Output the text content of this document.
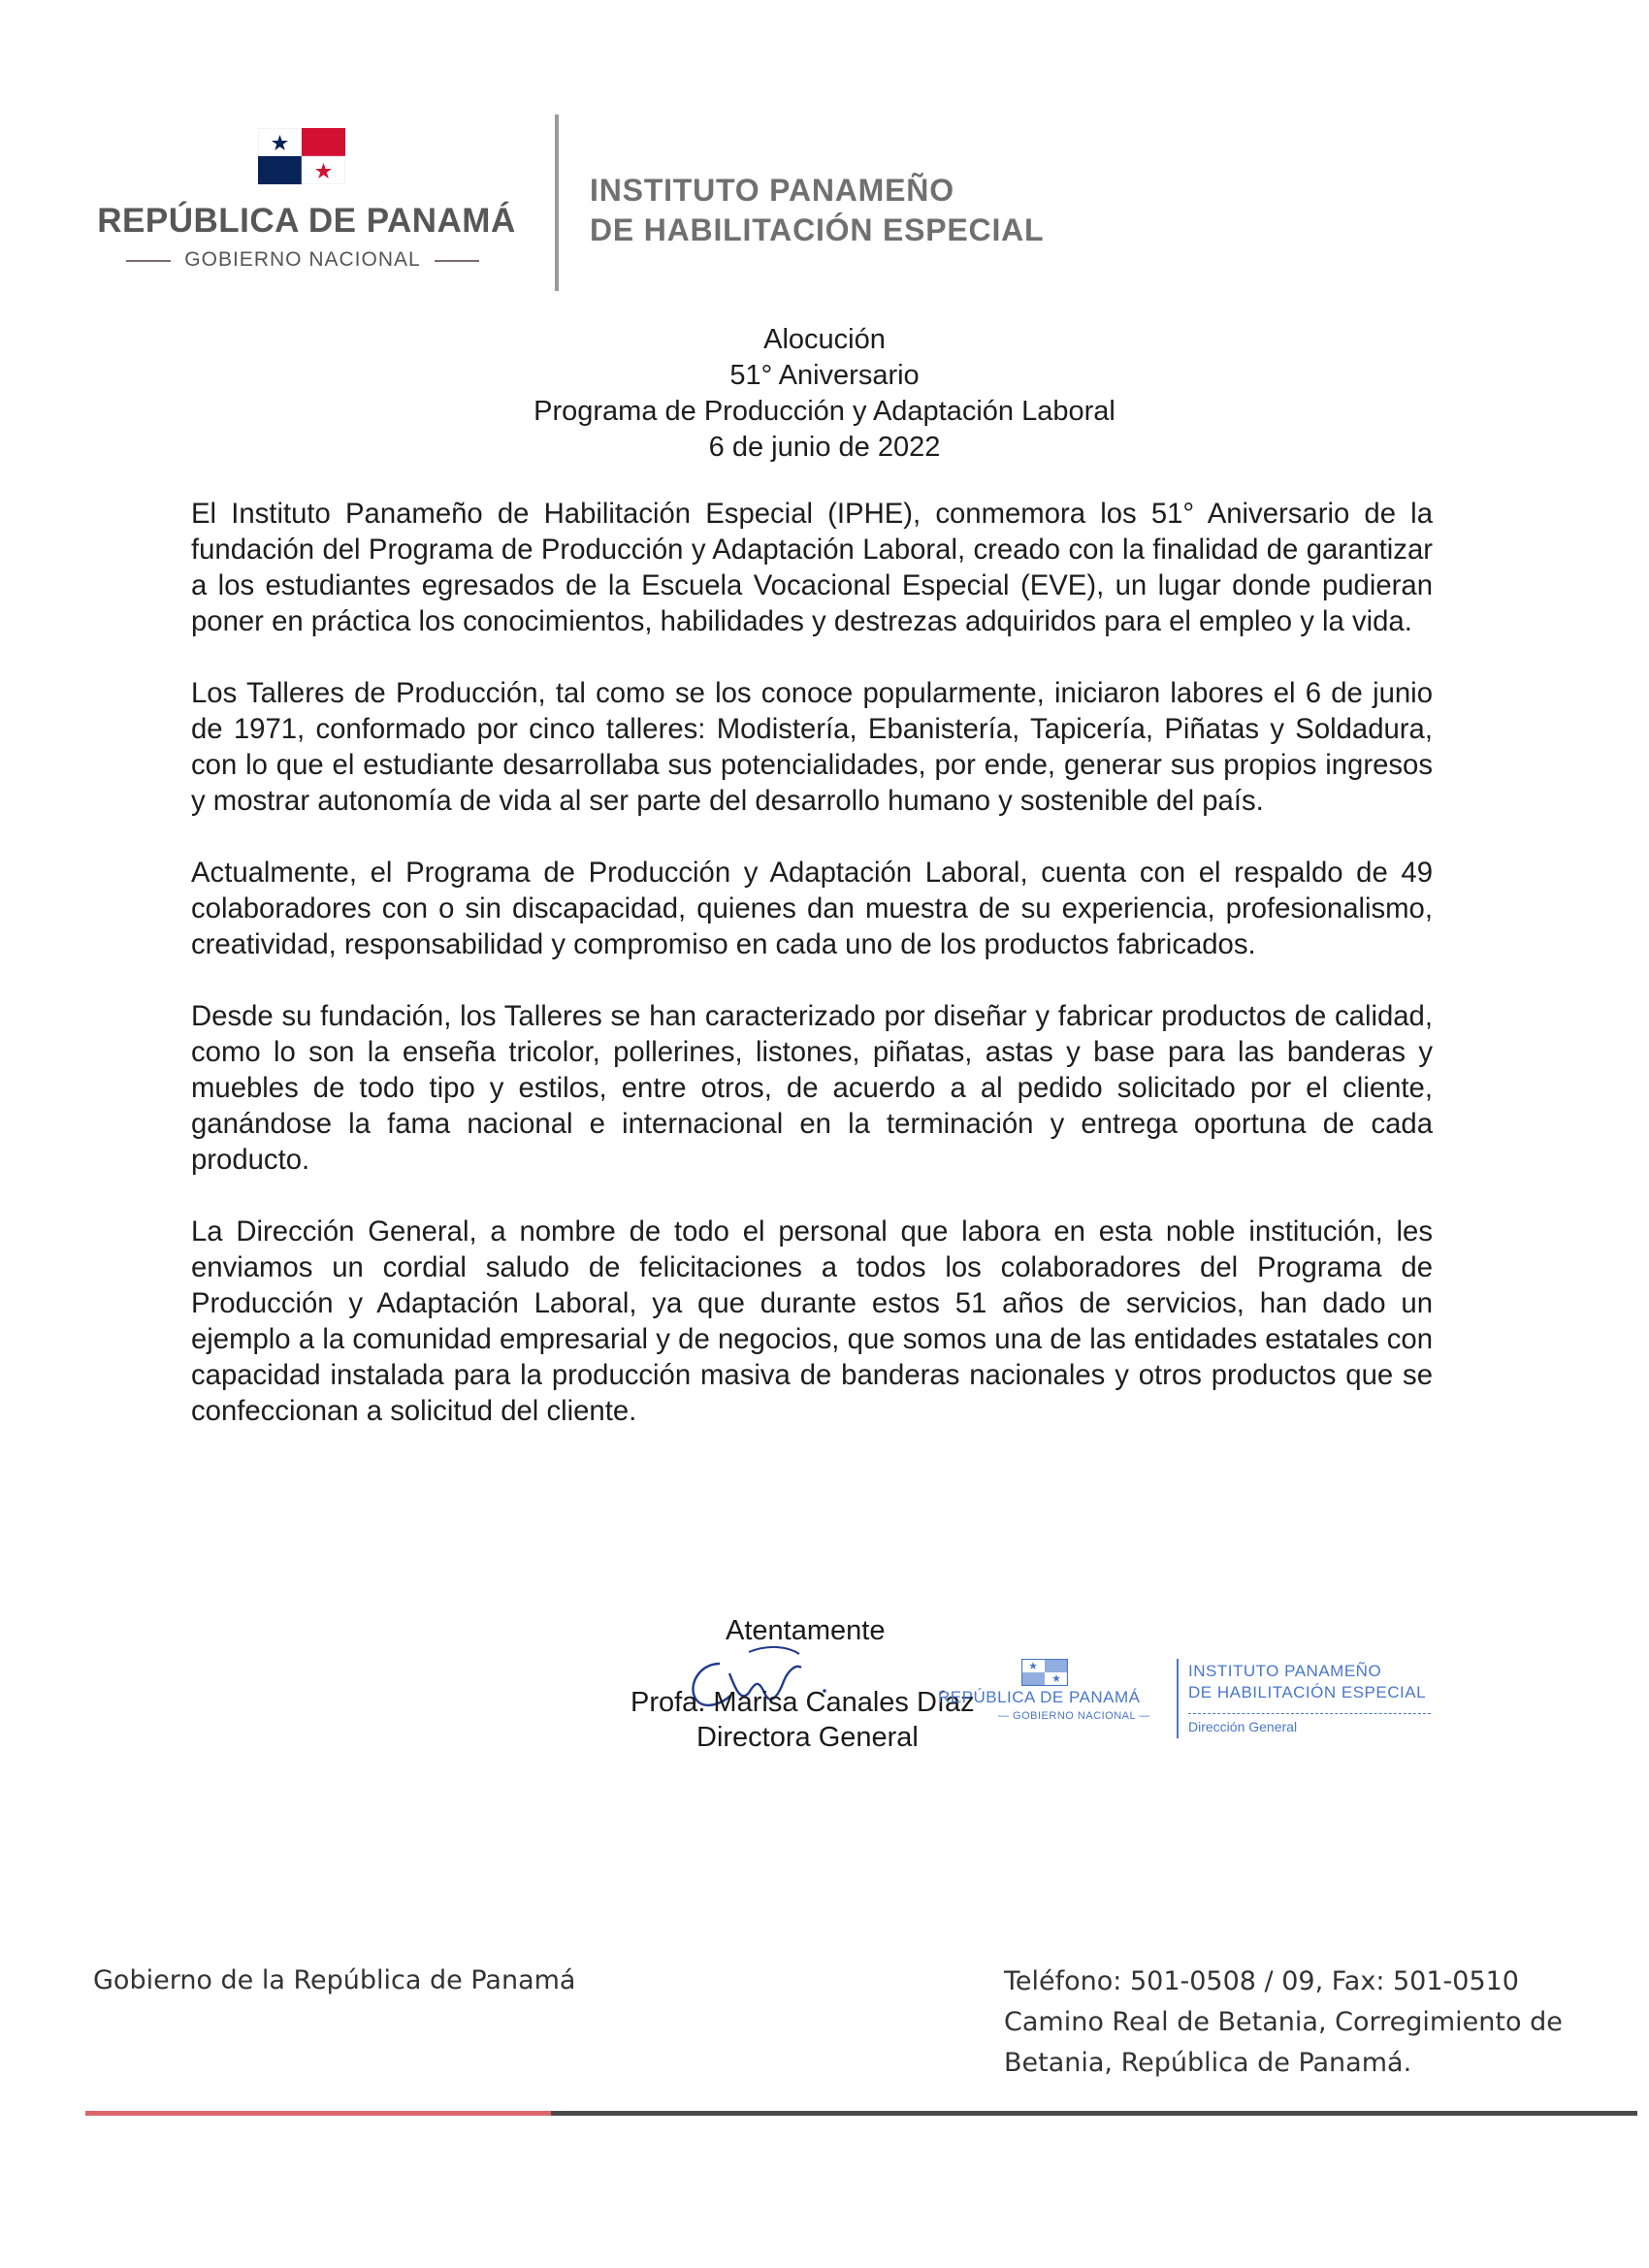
REPÚBLICA DE PANAMÁ
GOBIERNO NACIONAL
INSTITUTO PANAMEÑO
DE HABILITACIÓN ESPECIAL
Alocución
51° Aniversario
Programa de Producción y Adaptación Laboral
6 de junio de 2022

El Instituto Panameño de Habilitación Especial (IPHE), conmemora los 51° Aniversario de la fundación del Programa de Producción y Adaptación Laboral, creado con la finalidad de garantizar a los estudiantes egresados de la Escuela Vocacional Especial (EVE), un lugar donde pudieran poner en práctica los conocimientos, habilidades y destrezas adquiridos para el empleo y la vida.

Los Talleres de Producción, tal como se los conoce popularmente, iniciaron labores el 6 de junio de 1971, conformado por cinco talleres: Modistería, Ebanistería, Tapicería, Piñatas y Soldadura, con lo que el estudiante desarrollaba sus potencialidades, por ende, generar sus propios ingresos y mostrar autonomía de vida al ser parte del desarrollo humano y sostenible del país.

Actualmente, el Programa de Producción y Adaptación Laboral, cuenta con el respaldo de 49 colaboradores con o sin discapacidad, quienes dan muestra de su experiencia, profesionalismo, creatividad, responsabilidad y compromiso en cada uno de los productos fabricados.

Desde su fundación, los Talleres se han caracterizado por diseñar y fabricar productos de calidad, como lo son la enseña tricolor, pollerines, listones, piñatas, astas y base para las banderas y muebles de todo tipo y estilos, entre otros, de acuerdo a al pedido solicitado por el cliente, ganándose la fama nacional e internacional en la terminación y entrega oportuna de cada producto.

La Dirección General, a nombre de todo el personal que labora en esta noble institución, les enviamos un cordial saludo de felicitaciones a todos los colaboradores del Programa de Producción y Adaptación Laboral, ya que durante estos 51 años de servicios, han dado un ejemplo a la comunidad empresarial y de negocios, que somos una de las entidades estatales con capacidad instalada para la producción masiva de banderas nacionales y otros productos que se confeccionan a solicitud del cliente.

Atentamente
Profa. Marisa Canales Díaz
Directora General
REPÚBLICA DE PANAMÁ
— GOBIERNO NACIONAL —
INSTITUTO PANAMEÑO
DE HABILITACIÓN ESPECIAL
Dirección General
Gobierno de la República de Panamá	Teléfono: 501-0508 / 09, Fax: 501-0510
Camino Real de Betania, Corregimiento de
Betania, República de Panamá.
